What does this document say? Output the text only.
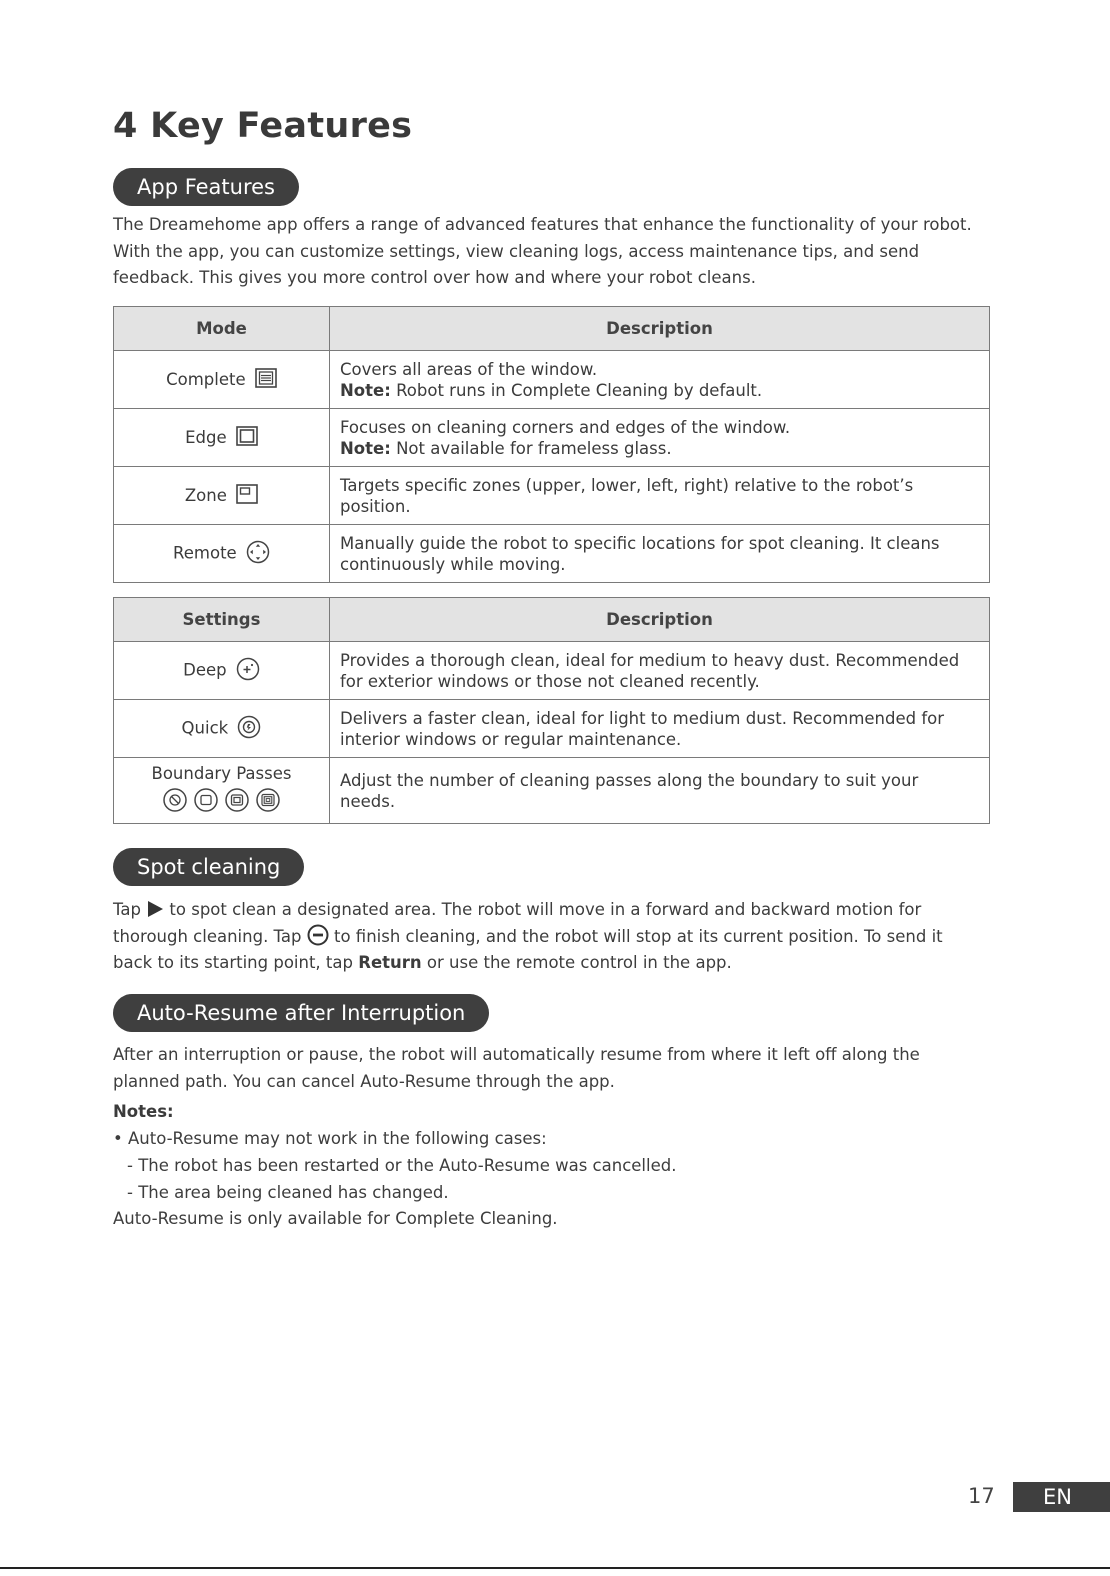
4 Key Features
App Features
The Dreamehome app offers a range of advanced features that enhance the functionality of your robot. With the app, you can customize settings, view cleaning logs, access maintenance tips, and send feedback. This gives you more control over how and where your robot cleans.
Mode	Description
Complete	Covers all areas of the window.
Note: Robot runs in Complete Cleaning by default.

Edge	Focuses on cleaning corners and edges of the window.
Note: Not available for frameless glass.

Zone	Targets specific zones (upper, lower, left, right) relative to the robot’s position.

Remote	Manually guide the robot to specific locations for spot cleaning. It cleans continuously while moving.
Settings	Description
Deep	Provides a thorough clean, ideal for medium to heavy dust. Recommended for exterior windows or those not cleaned recently.

Quick	Delivers a faster clean, ideal for light to medium dust. Recommended for interior windows or regular maintenance.

Boundary Passes	Adjust the number of cleaning passes along the boundary to suit your needs.
Spot cleaning
Tap  to spot clean a designated area. The robot will move in a forward and backward motion for thorough cleaning. Tap  to finish cleaning, and the robot will stop at its current position. To send it back to its starting point, tap Return or use the remote control in the app.
Auto-Resume after Interruption
After an interruption or pause, the robot will automatically resume from where it left off along the planned path. You can cancel Auto-Resume through the app.
Notes:
• Auto-Resume may not work in the following cases:
- The robot has been restarted or the Auto-Resume was cancelled.
- The area being cleaned has changed.
Auto-Resume is only available for Complete Cleaning.
17	EN
